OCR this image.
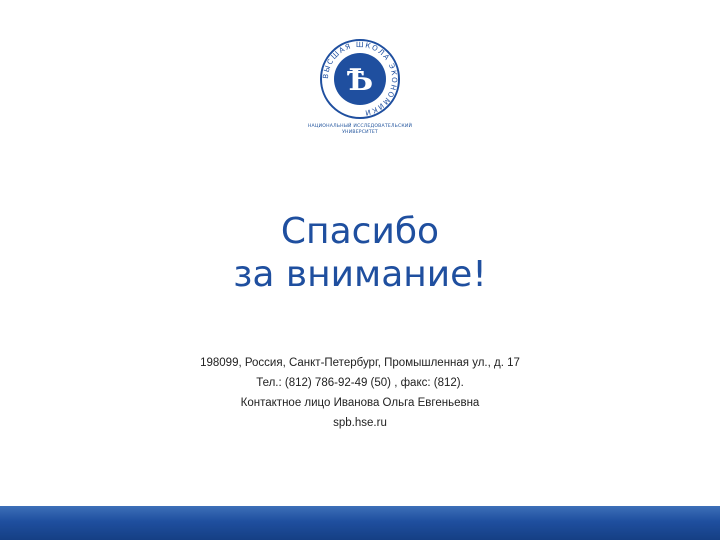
ВЫСШАЯ ШКОЛА ЭКОНОМИКИ
Ѣ
НАЦИОНАЛЬНЫЙ ИССЛЕДОВАТЕЛЬСКИЙ
УНИВЕРСИТЕТ
Спасибо
за внимание!
198099, Россия, Санкт-Петербург, Промышленная ул., д. 17
Тел.: (812) 786-92-49 (50) , факс: (812).
Контактное лицо Иванова Ольга Евгеньевна
spb.hse.ru
